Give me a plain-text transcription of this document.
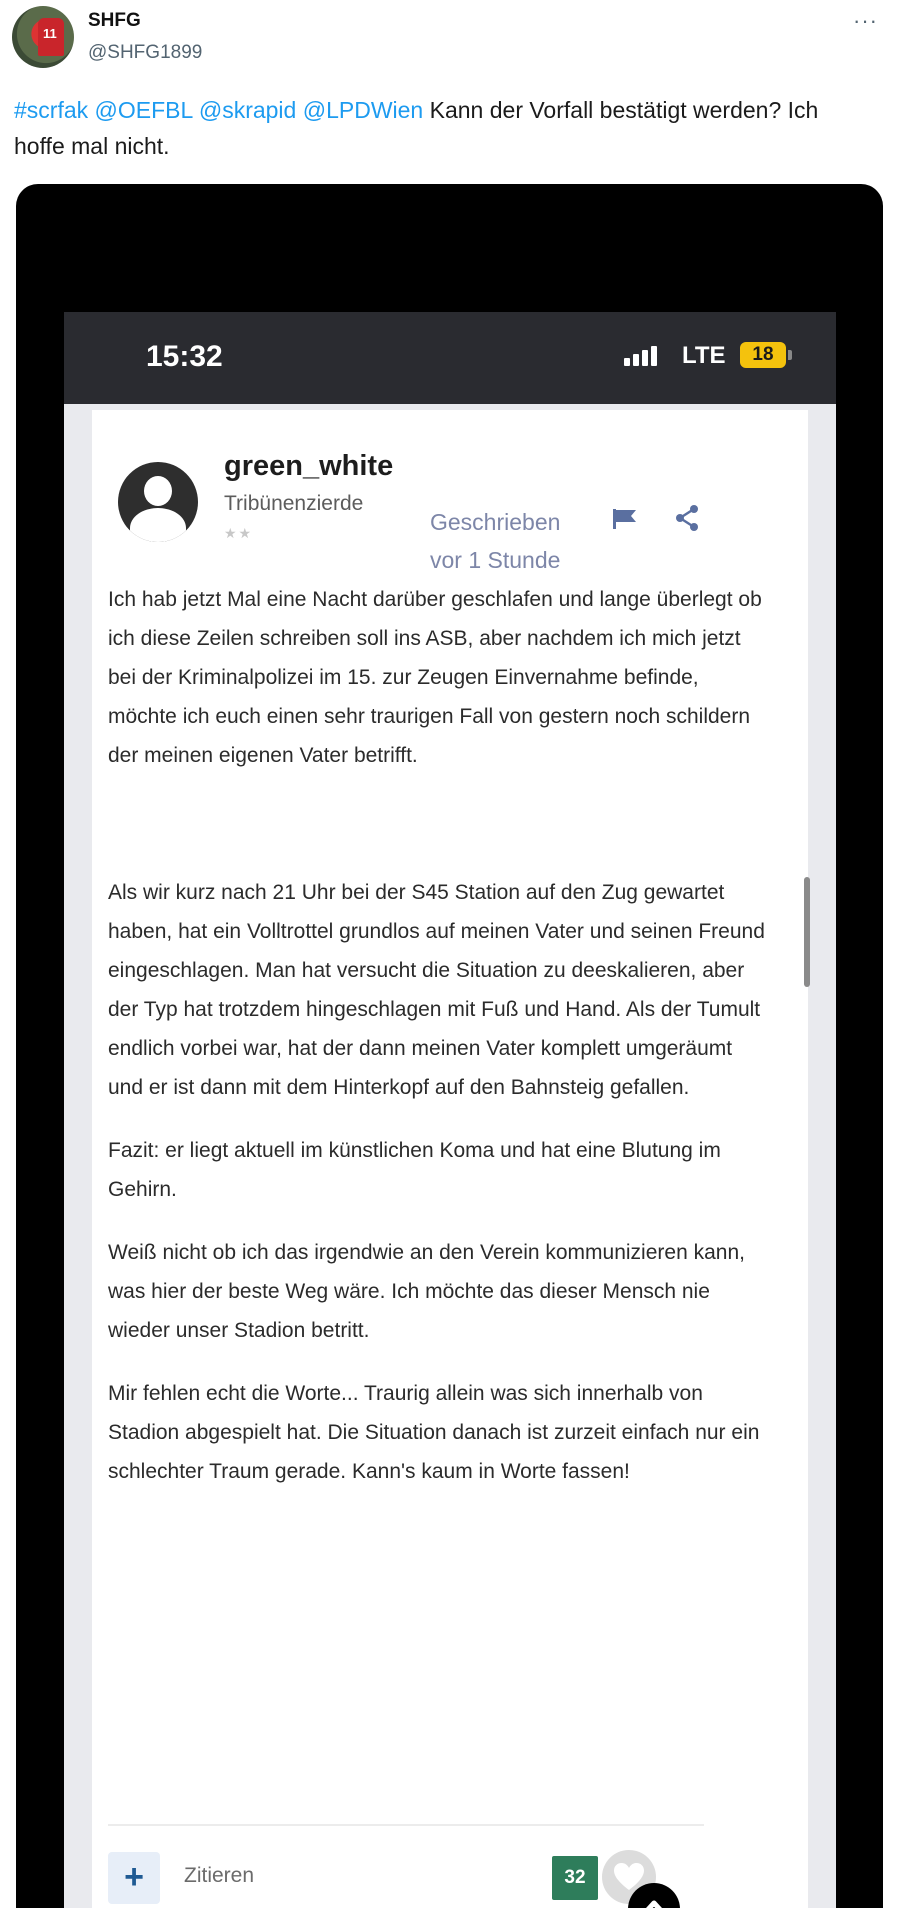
11
SHFG
@SHFG1899
···
#scrfak @OEFBL @skrapid @LPDWien Kann der Vorfall bestätigt werden? Ich hoffe mal nicht.
15:32	LTE	18
green_white
Tribünenzierde
★★	Geschrieben
vor 1 Stunde

Ich hab jetzt Mal eine Nacht darüber geschlafen und lange überlegt ob ich diese Zeilen schreiben soll ins ASB, aber nachdem ich mich jetzt bei der Kriminalpolizei im 15. zur Zeugen Einvernahme befinde, möchte ich euch einen sehr traurigen Fall von gestern noch schildern der meinen eigenen Vater betrifft.

Als wir kurz nach 21 Uhr bei der S45 Station auf den Zug gewartet haben, hat ein Volltrottel grundlos auf meinen Vater und seinen Freund eingeschlagen. Man hat versucht die Situation zu deeskalieren, aber der Typ hat trotzdem hingeschlagen mit Fuß und Hand. Als der Tumult endlich vorbei war, hat der dann meinen Vater komplett umgeräumt und er ist dann mit dem Hinterkopf auf den Bahnsteig gefallen.

Fazit: er liegt aktuell im künstlichen Koma und hat eine Blutung im Gehirn.

Weiß nicht ob ich das irgendwie an den Verein kommunizieren kann, was hier der beste Weg wäre. Ich möchte das dieser Mensch nie wieder unser Stadion betritt.

Mir fehlen echt die Worte... Traurig allein was sich innerhalb von Stadion abgespielt hat. Die Situation danach ist zurzeit einfach nur ein schlechter Traum gerade. Kann's kaum in Worte fassen!

+	Zitieren	32
